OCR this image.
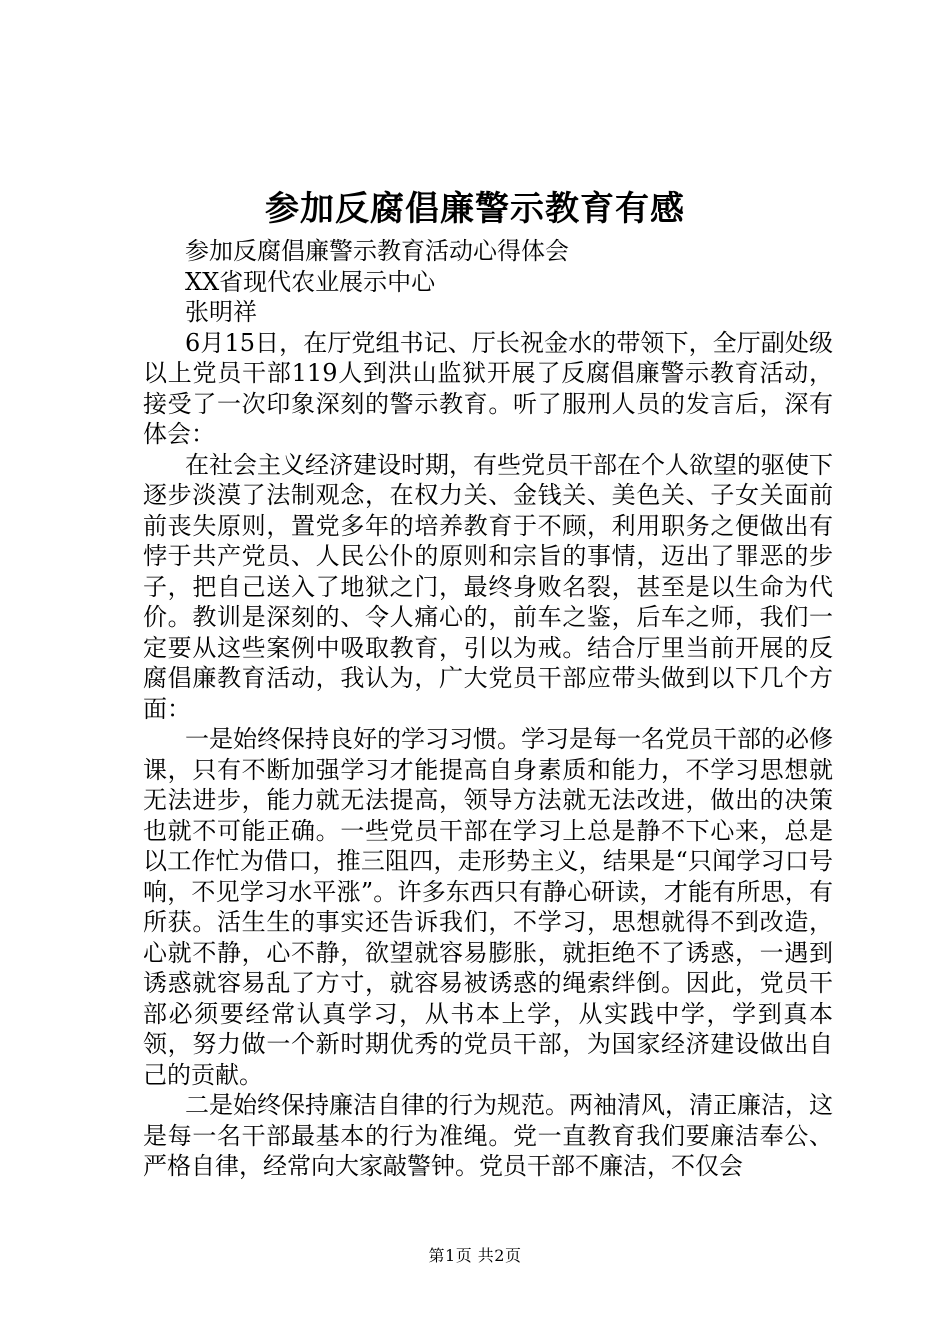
参加反腐倡廉警示教育有感
参加反腐倡廉警示教育活动心得体会
XX省现代农业展示中心
张明祥

6月15日，在厅党组书记、厅长祝金水的带领下，全厅副处级以上党员干部119人到洪山监狱开展了反腐倡廉警示教育活动，接受了一次印象深刻的警示教育。听了服刑人员的发言后，深有体会：

在社会主义经济建设时期，有些党员干部在个人欲望的驱使下逐步淡漠了法制观念，在权力关、金钱关、美色关、子女关面前前丧失原则，置党多年的培养教育于不顾，利用职务之便做出有悖于共产党员、人民公仆的原则和宗旨的事情，迈出了罪恶的步子，把自己送入了地狱之门，最终身败名裂，甚至是以生命为代价。教训是深刻的、令人痛心的，前车之鉴，后车之师，我们一定要从这些案例中吸取教育，引以为戒。结合厅里当前开展的反腐倡廉教育活动，我认为，广大党员干部应带头做到以下几个方面：

一是始终保持良好的学习习惯。学习是每一名党员干部的必修课，只有不断加强学习才能提高自身素质和能力，不学习思想就无法进步，能力就无法提高，领导方法就无法改进，做出的决策也就不可能正确。一些党员干部在学习上总是静不下心来，总是以工作忙为借口，推三阻四，走形势主义，结果是“只闻学习口号响，不见学习水平涨”。许多东西只有静心研读，才能有所思，有所获。活生生的事实还告诉我们，不学习，思想就得不到改造，心就不静，心不静，欲望就容易膨胀，就拒绝不了诱惑，一遇到诱惑就容易乱了方寸，就容易被诱惑的绳索绊倒。因此，党员干部必须要经常认真学习，从书本上学，从实践中学，学到真本领，努力做一个新时期优秀的党员干部，为国家经济建设做出自己的贡献。

二是始终保持廉洁自律的行为规范。两袖清风，清正廉洁，这是每一名干部最基本的行为准绳。党一直教育我们要廉洁奉公、严格自律，经常向大家敲警钟。党员干部不廉洁，不仅会

第1页 共2页
